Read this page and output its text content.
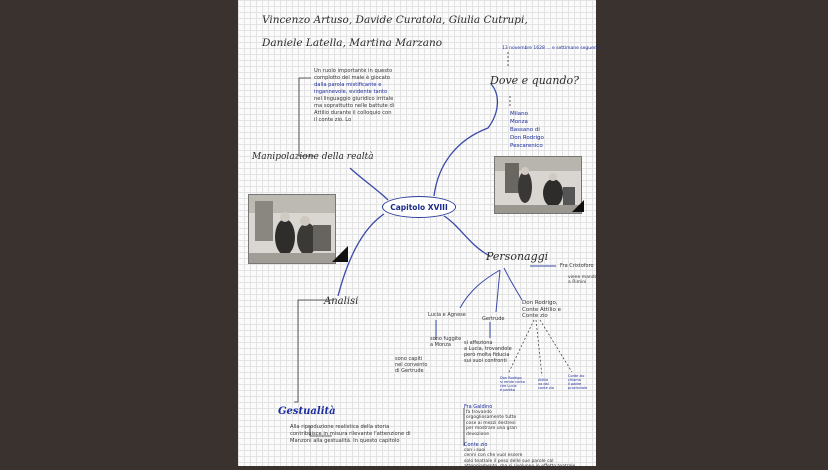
Vincenzo Artuso, Davide Curatola, Giulia Cutrupi,
Daniele Latella, Martina Marzano	13 novembre 1628 ... e settimane seguenti
Dove e quando?
Milano
Monza
Bassano di
Don Rodrigo
Pescarenico
Un ruolo importante in questo
complotto del male è giocato
dalla parola mistificante e
ingannevole, evidente tanto
nel linguaggio giuridico irritale
ma soprattutto nelle battute di
Attilio durante il colloquio con
il conte zio. Lo
Manipolazione della realtà
Capitolo XVIII
Personaggi
Fra Cristoforo
viene mandato
a Rimini
Lucia e Agnese
sono fuggite
a Monza
sono capiti
nel convento
di Gertrude
Gertrude
si affeziona
a Lucia, trovandole
però molta fiducia
sui suoi confronti
Don Rodrigo,
Conte Attilio e
Conte zio
Don Rodrigo
si rende conto
che Lucia
è partita
Attilio
va dal
conte zio
Conte zio
chiama
il padre
provinciale
Analisi
Gestualità
Alla riproduzione realistica della storia
contribuisce in misura rilevante l'attenzione di
Manzoni alla gestualità. In questo capitolo
Fra Galdino
fa trovando
orgogliosamente tutte
cose ai mezzi destresi
per mostrare una gran
devozione
Conte zio
con i suoi
cenni con che vuol essere
solo teatrale il peso delle sue parole col
atteggiamento, ma si risolvono in effetto teatrale
